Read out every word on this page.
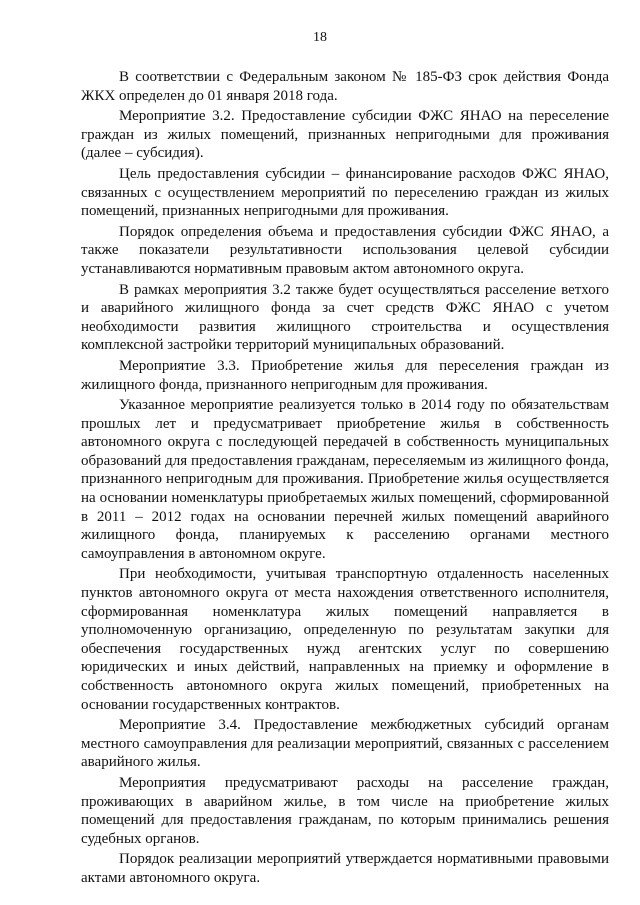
18

В соответствии с Федеральным законом № 185-ФЗ срок действия Фонда ЖКХ определен до 01 января 2018 года.

Мероприятие 3.2. Предоставление субсидии ФЖС ЯНАО на переселение граждан из жилых помещений, признанных непригодными для проживания (далее – субсидия).

Цель предоставления субсидии – финансирование расходов ФЖС ЯНАО, связанных с осуществлением мероприятий по переселению граждан из жилых помещений, признанных непригодными для проживания.

Порядок определения объема и предоставления субсидии ФЖС ЯНАО, а также показатели результативности использования целевой субсидии устанавливаются нормативным правовым актом автономного округа.

В рамках мероприятия 3.2 также будет осуществляться расселение ветхого и аварийного жилищного фонда за счет средств ФЖС ЯНАО с учетом необходимости развития жилищного строительства и осуществления комплексной застройки территорий муниципальных образований.

Мероприятие 3.3. Приобретение жилья для переселения граждан из жилищного фонда, признанного непригодным для проживания.

Указанное мероприятие реализуется только в 2014 году по обязательствам прошлых лет и предусматривает приобретение жилья в собственность автономного округа с последующей передачей в собственность муниципальных образований для предоставления гражданам, переселяемым из жилищного фонда, признанного непригодным для проживания. Приобретение жилья осуществляется на основании номенклатуры приобретаемых жилых помещений, сформированной в 2011 – 2012 годах на основании перечней жилых помещений аварийного жилищного фонда, планируемых к расселению органами местного самоуправления в автономном округе.

При необходимости, учитывая транспортную отдаленность населенных пунктов автономного округа от места нахождения ответственного исполнителя, сформированная номенклатура жилых помещений направляется в уполномоченную организацию, определенную по результатам закупки для обеспечения государственных нужд агентских услуг по совершению юридических и иных действий, направленных на приемку и оформление в собственность автономного округа жилых помещений, приобретенных на основании государственных контрактов.

Мероприятие 3.4. Предоставление межбюджетных субсидий органам местного самоуправления для реализации мероприятий, связанных с расселением аварийного жилья.

Мероприятия предусматривают расходы на расселение граждан, проживающих в аварийном жилье, в том числе на приобретение жилых помещений для предоставления гражданам, по которым принимались решения судебных органов.

Порядок реализации мероприятий утверждается нормативными правовыми актами автономного округа.
